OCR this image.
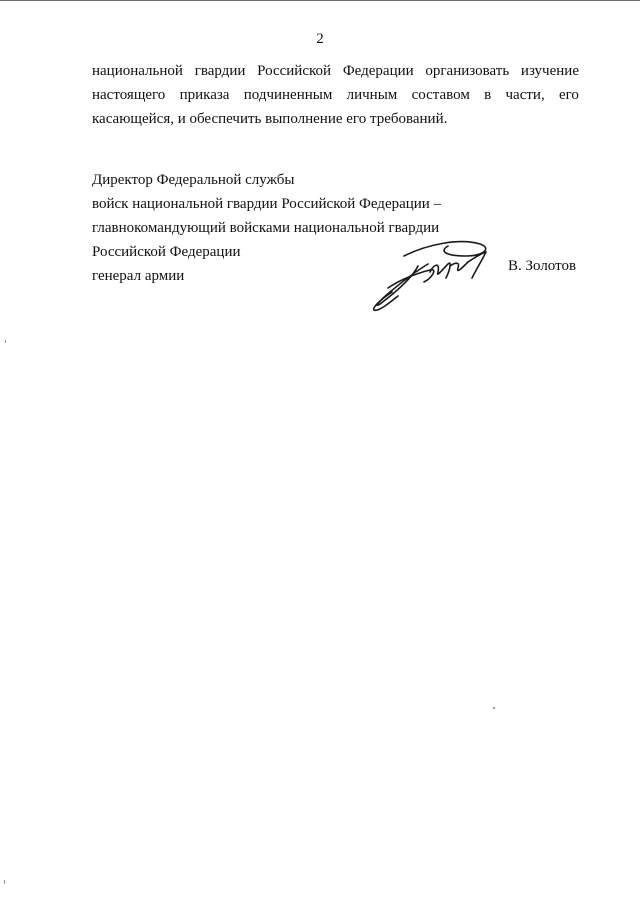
2
национальной гвардии Российской Федерации организовать изучение
настоящего приказа подчиненным личным составом в части, его
касающейся, и обеспечить выполнение его требований.
Директор Федеральной службы
войск национальной гвардии Российской Федерации –
главнокомандующий войсками национальной гвардии
Российской Федерации
генерал армии
В. Золотов
